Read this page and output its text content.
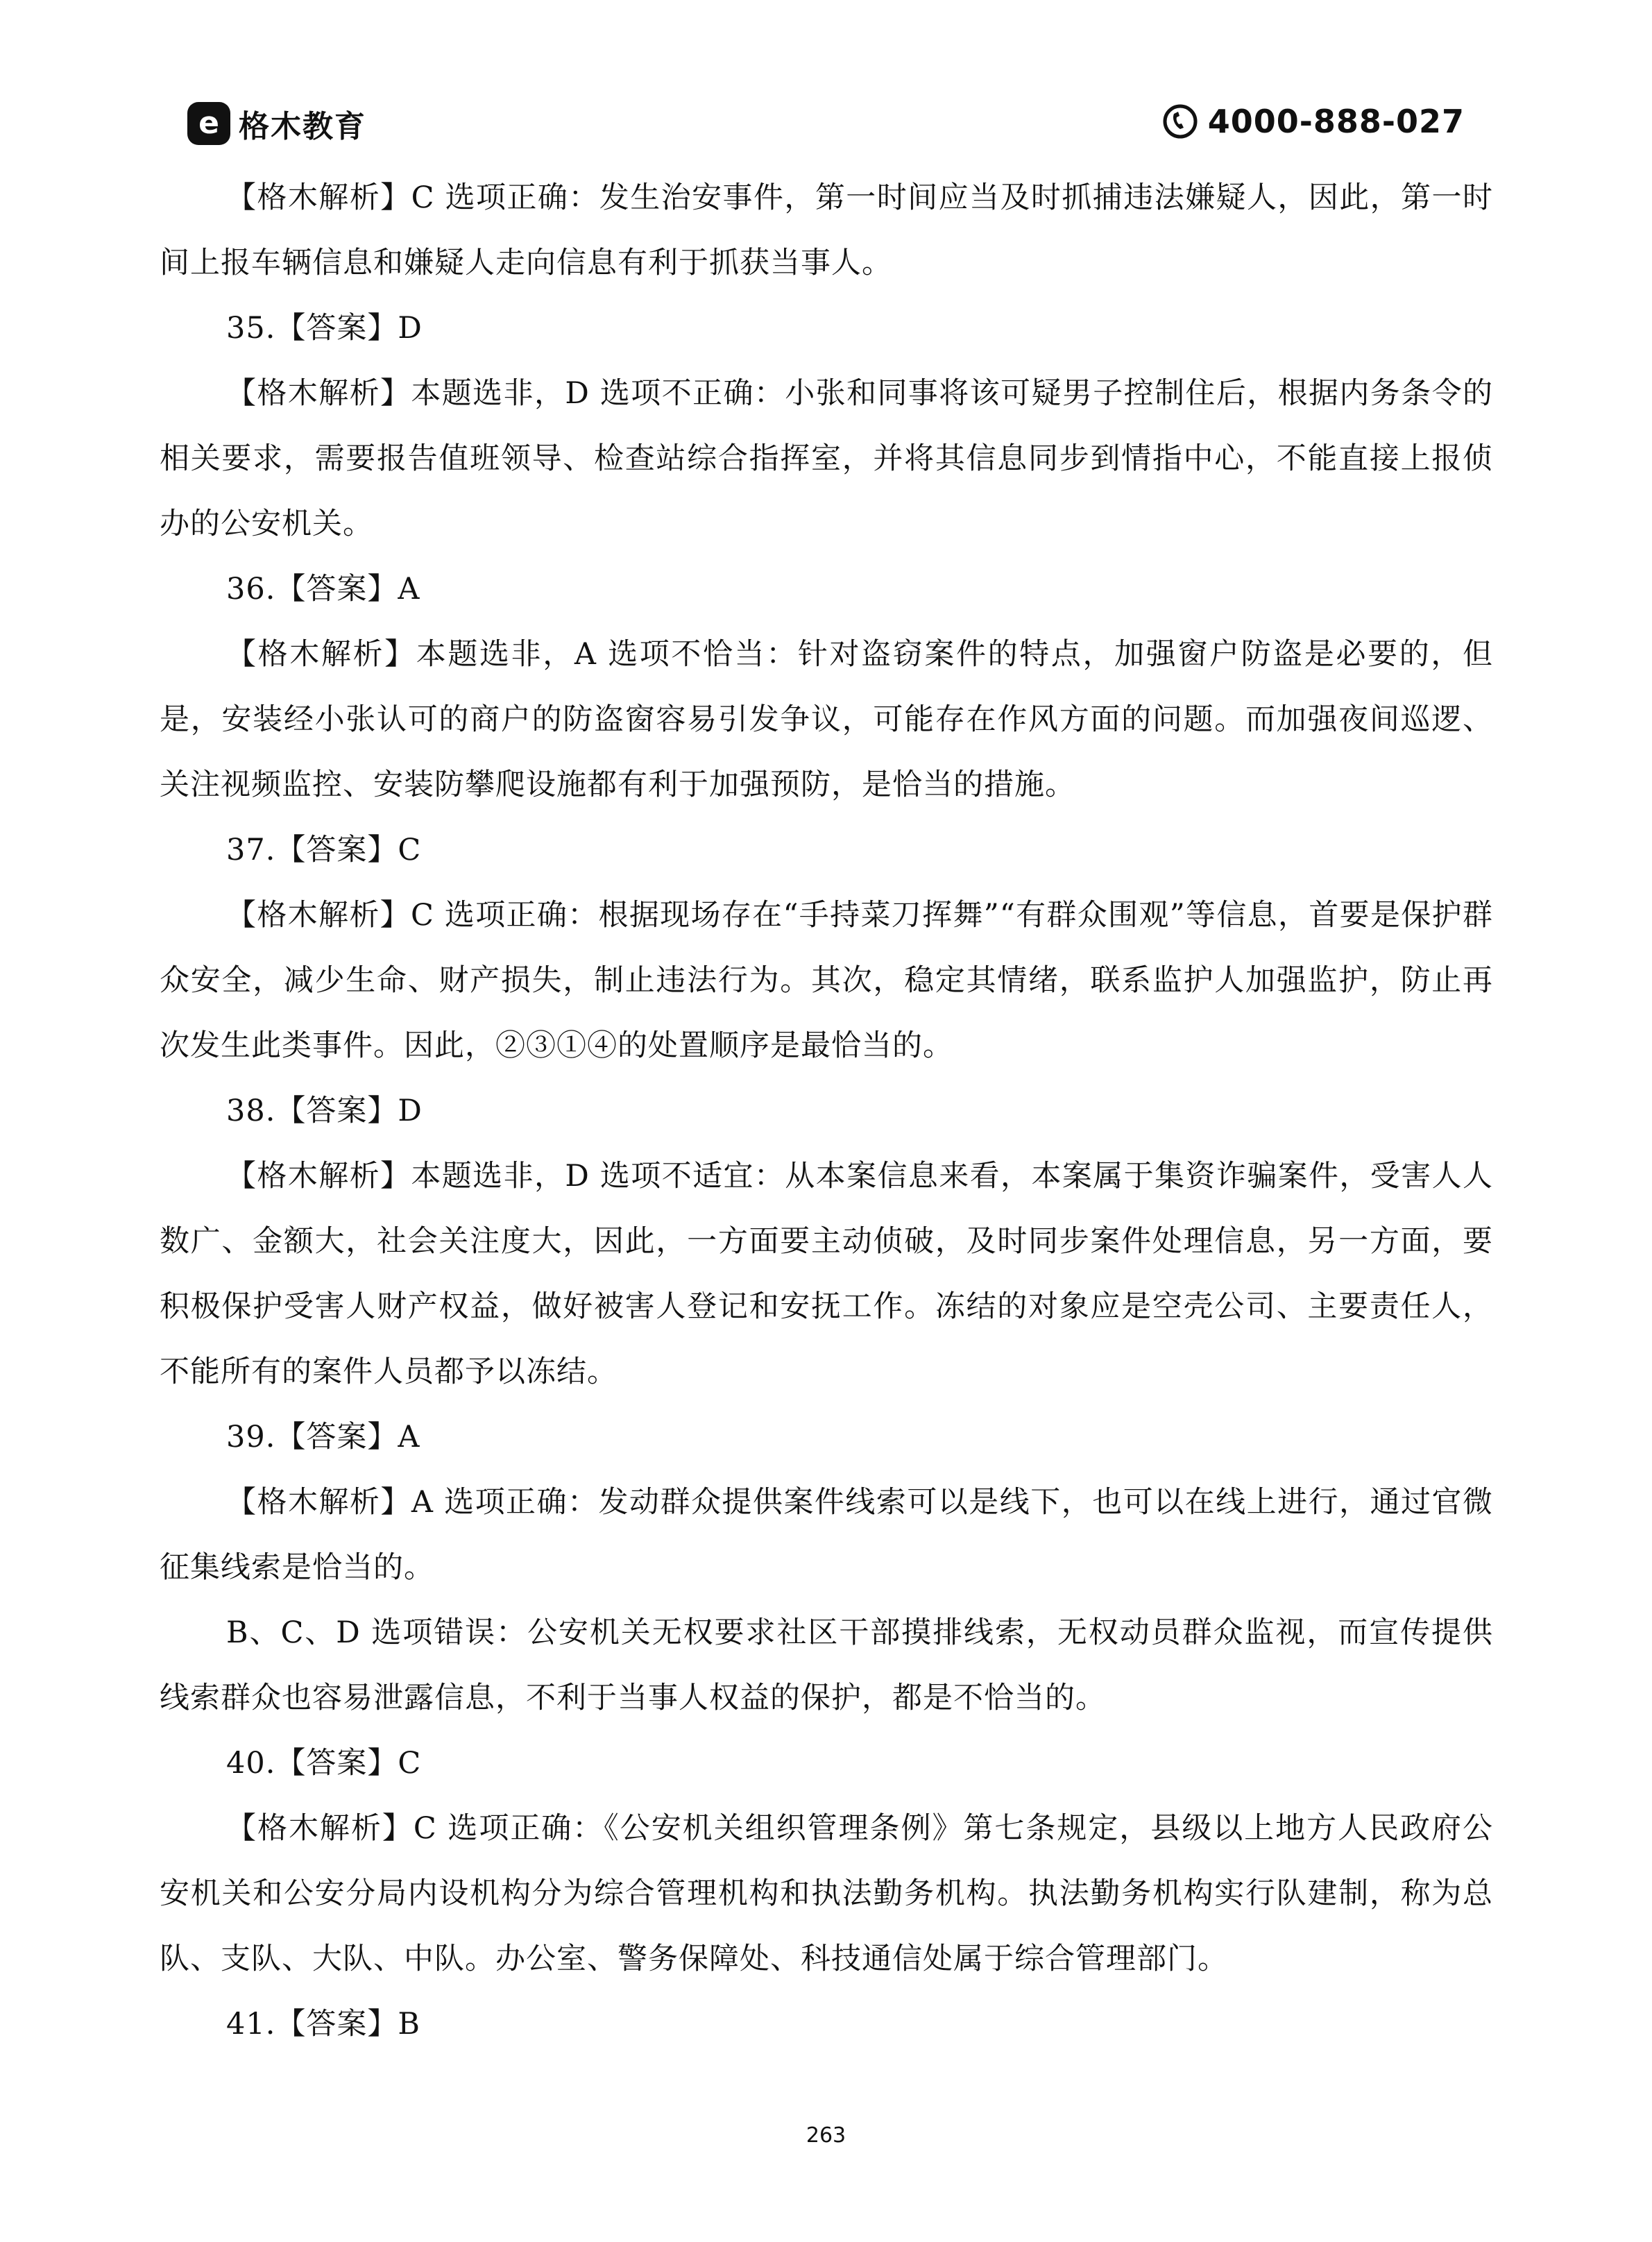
e 格木教育	4000-888-027

【格木解析】C 选项正确：发生治安事件，第一时间应当及时抓捕违法嫌疑人，因此，第一时间上报车辆信息和嫌疑人走向信息有利于抓获当事人。

35.【答案】D

【格木解析】本题选非，D 选项不正确：小张和同事将该可疑男子控制住后，根据内务条令的相关要求，需要报告值班领导、检查站综合指挥室，并将其信息同步到情指中心，不能直接上报侦办的公安机关。

36.【答案】A

【格木解析】本题选非，A 选项不恰当：针对盗窃案件的特点，加强窗户防盗是必要的，但是，安装经小张认可的商户的防盗窗容易引发争议，可能存在作风方面的问题。而加强夜间巡逻、关注视频监控、安装防攀爬设施都有利于加强预防，是恰当的措施。

37.【答案】C

【格木解析】C 选项正确：根据现场存在“手持菜刀挥舞”“有群众围观”等信息，首要是保护群众安全，减少生命、财产损失，制止违法行为。其次，稳定其情绪，联系监护人加强监护，防止再次发生此类事件。因此，②③①④的处置顺序是最恰当的。

38.【答案】D

【格木解析】本题选非，D 选项不适宜：从本案信息来看，本案属于集资诈骗案件，受害人人数广、金额大，社会关注度大，因此，一方面要主动侦破，及时同步案件处理信息，另一方面，要积极保护受害人财产权益，做好被害人登记和安抚工作。冻结的对象应是空壳公司、主要责任人，不能所有的案件人员都予以冻结。

39.【答案】A

【格木解析】A 选项正确：发动群众提供案件线索可以是线下，也可以在线上进行，通过官微征集线索是恰当的。

B、C、D 选项错误：公安机关无权要求社区干部摸排线索，无权动员群众监视，而宣传提供线索群众也容易泄露信息，不利于当事人权益的保护，都是不恰当的。

40.【答案】C

【格木解析】C 选项正确：《公安机关组织管理条例》第七条规定，县级以上地方人民政府公安机关和公安分局内设机构分为综合管理机构和执法勤务机构。执法勤务机构实行队建制，称为总队、支队、大队、中队。办公室、警务保障处、科技通信处属于综合管理部门。

41.【答案】B

263
